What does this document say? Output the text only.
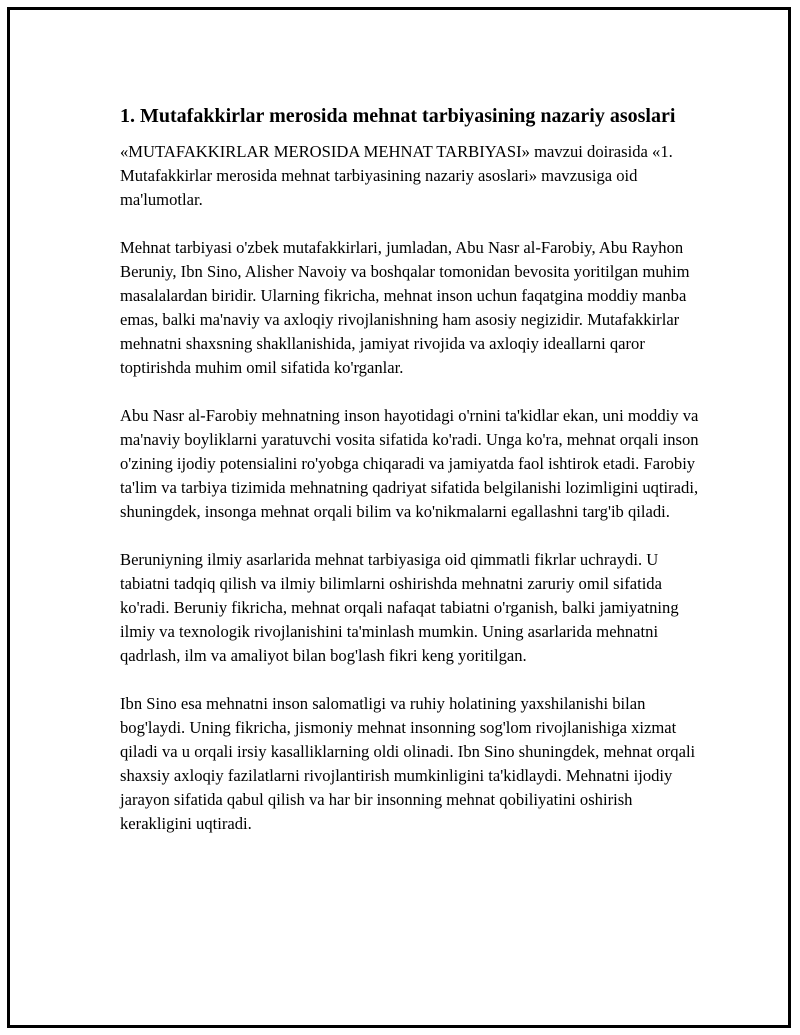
1. Mutafakkirlar merosida mehnat tarbiyasining nazariy asoslari

«MUTAFAKKIRLAR MEROSIDA MEHNAT TARBIYASI» mavzui doirasida «1. Mutafakkirlar merosida mehnat tarbiyasining nazariy asoslari» mavzusiga oid ma'lumotlar.

Mehnat tarbiyasi o'zbek mutafakkirlari, jumladan, Abu Nasr al-Farobiy, Abu Rayhon Beruniy, Ibn Sino, Alisher Navoiy va boshqalar tomonidan bevosita yoritilgan muhim masalalardan biridir. Ularning fikricha, mehnat inson uchun faqatgina moddiy manba emas, balki ma'naviy va axloqiy rivojlanishning ham asosiy negizidir. Mutafakkirlar mehnatni shaxsning shakllanishida, jamiyat rivojida va axloqiy ideallarni qaror toptirishda muhim omil sifatida ko'rganlar.

Abu Nasr al-Farobiy mehnatning inson hayotidagi o'rnini ta'kidlar ekan, uni moddiy va ma'naviy boyliklarni yaratuvchi vosita sifatida ko'radi. Unga ko'ra, mehnat orqali inson o'zining ijodiy potensialini ro'yobga chiqaradi va jamiyatda faol ishtirok etadi. Farobiy ta'lim va tarbiya tizimida mehnatning qadriyat sifatida belgilanishi lozimligini uqtiradi, shuningdek, insonga mehnat orqali bilim va ko'nikmalarni egallashni targ'ib qiladi.

Beruniyning ilmiy asarlarida mehnat tarbiyasiga oid qimmatli fikrlar uchraydi. U tabiatni tadqiq qilish va ilmiy bilimlarni oshirishda mehnatni zaruriy omil sifatida ko'radi. Beruniy fikricha, mehnat orqali nafaqat tabiatni o'rganish, balki jamiyatning ilmiy va texnologik rivojlanishini ta'minlash mumkin. Uning asarlarida mehnatni qadrlash, ilm va amaliyot bilan bog'lash fikri keng yoritilgan.

Ibn Sino esa mehnatni inson salomatligi va ruhiy holatining yaxshilanishi bilan bog'laydi. Uning fikricha, jismoniy mehnat insonning sog'lom rivojlanishiga xizmat qiladi va u orqali irsiy kasalliklarning oldi olinadi. Ibn Sino shuningdek, mehnat orqali shaxsiy axloqiy fazilatlarni rivojlantirish mumkinligini ta'kidlaydi. Mehnatni ijodiy jarayon sifatida qabul qilish va har bir insonning mehnat qobiliyatini oshirish kerakligini uqtiradi.
